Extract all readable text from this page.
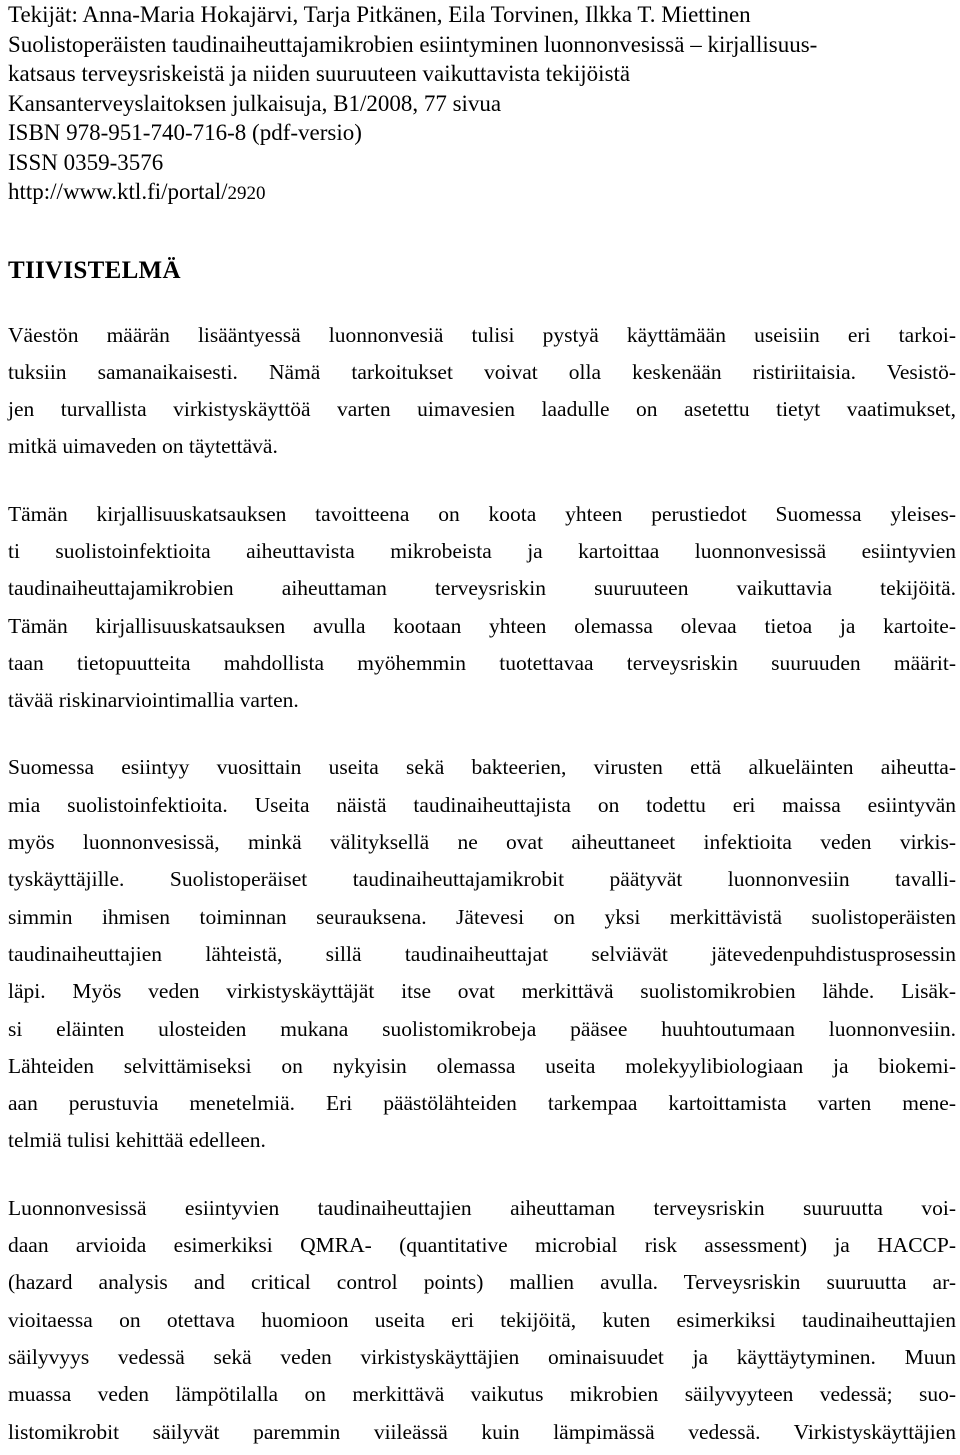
Tekijät: Anna-Maria Hokajärvi, Tarja Pitkänen, Eila Torvinen, Ilkka T. Miettinen
Suolistoperäisten taudinaiheuttajamikrobien esiintyminen luonnonvesissä – kirjallisuus-
katsaus terveysriskeistä ja niiden suuruuteen vaikuttavista tekijöistä
Kansanterveyslaitoksen julkaisuja, B1/2008, 77 sivua
ISBN 978-951-740-716-8 (pdf-versio)
ISSN 0359-3576
http://www.ktl.fi/portal/2920
TIIVISTELMÄ

Väestön määrän lisääntyessä luonnonvesiä tulisi pystyä käyttämään useisiin eri tarkoi-
tuksiin samanaikaisesti. Nämä tarkoitukset voivat olla keskenään ristiriitaisia. Vesistö-
jen turvallista virkistyskäyttöä varten uimavesien laadulle on asetettu tietyt vaatimukset,
mitkä uimaveden on täytettävä.

Tämän kirjallisuuskatsauksen tavoitteena on koota yhteen perustiedot Suomessa yleises-
ti suolistoinfektioita aiheuttavista mikrobeista ja kartoittaa luonnonvesissä esiintyvien
taudinaiheuttajamikrobien aiheuttaman terveysriskin suuruuteen vaikuttavia tekijöitä.
Tämän kirjallisuuskatsauksen avulla kootaan yhteen olemassa olevaa tietoa ja kartoite-
taan tietopuutteita mahdollista myöhemmin tuotettavaa terveysriskin suuruuden määrit-
tävää riskinarviointimallia varten.

Suomessa esiintyy vuosittain useita sekä bakteerien, virusten että alkueläinten aiheutta-
mia suolistoinfektioita. Useita näistä taudinaiheuttajista on todettu eri maissa esiintyvän
myös luonnonvesissä, minkä välityksellä ne ovat aiheuttaneet infektioita veden virkis-
tyskäyttäjille. Suolistoperäiset taudinaiheuttajamikrobit päätyvät luonnonvesiin tavalli-
simmin ihmisen toiminnan seurauksena. Jätevesi on yksi merkittävistä suolistoperäisten
taudinaiheuttajien lähteistä, sillä taudinaiheuttajat selviävät jätevedenpuhdistusprosessin
läpi. Myös veden virkistyskäyttäjät itse ovat merkittävä suolistomikrobien lähde. Lisäk-
si eläinten ulosteiden mukana suolistomikrobeja pääsee huuhtoutumaan luonnonvesiin.
Lähteiden selvittämiseksi on nykyisin olemassa useita molekyylibiologiaan ja biokemi-
aan perustuvia menetelmiä. Eri päästölähteiden tarkempaa kartoittamista varten mene-
telmiä tulisi kehittää edelleen.

Luonnonvesissä esiintyvien taudinaiheuttajien aiheuttaman terveysriskin suuruutta voi-
daan arvioida esimerkiksi QMRA- (quantitative microbial risk assessment) ja HACCP-
(hazard analysis and critical control points) mallien avulla. Terveysriskin suuruutta ar-
vioitaessa on otettava huomioon useita eri tekijöitä, kuten esimerkiksi taudinaiheuttajien
säilyvyys vedessä sekä veden virkistyskäyttäjien ominaisuudet ja käyttäytyminen. Muun
muassa veden lämpötilalla on merkittävä vaikutus mikrobien säilyvyyteen vedessä; suo-
listomikrobit säilyvät paremmin viileässä kuin lämpimässä vedessä. Virkistyskäyttäjien
